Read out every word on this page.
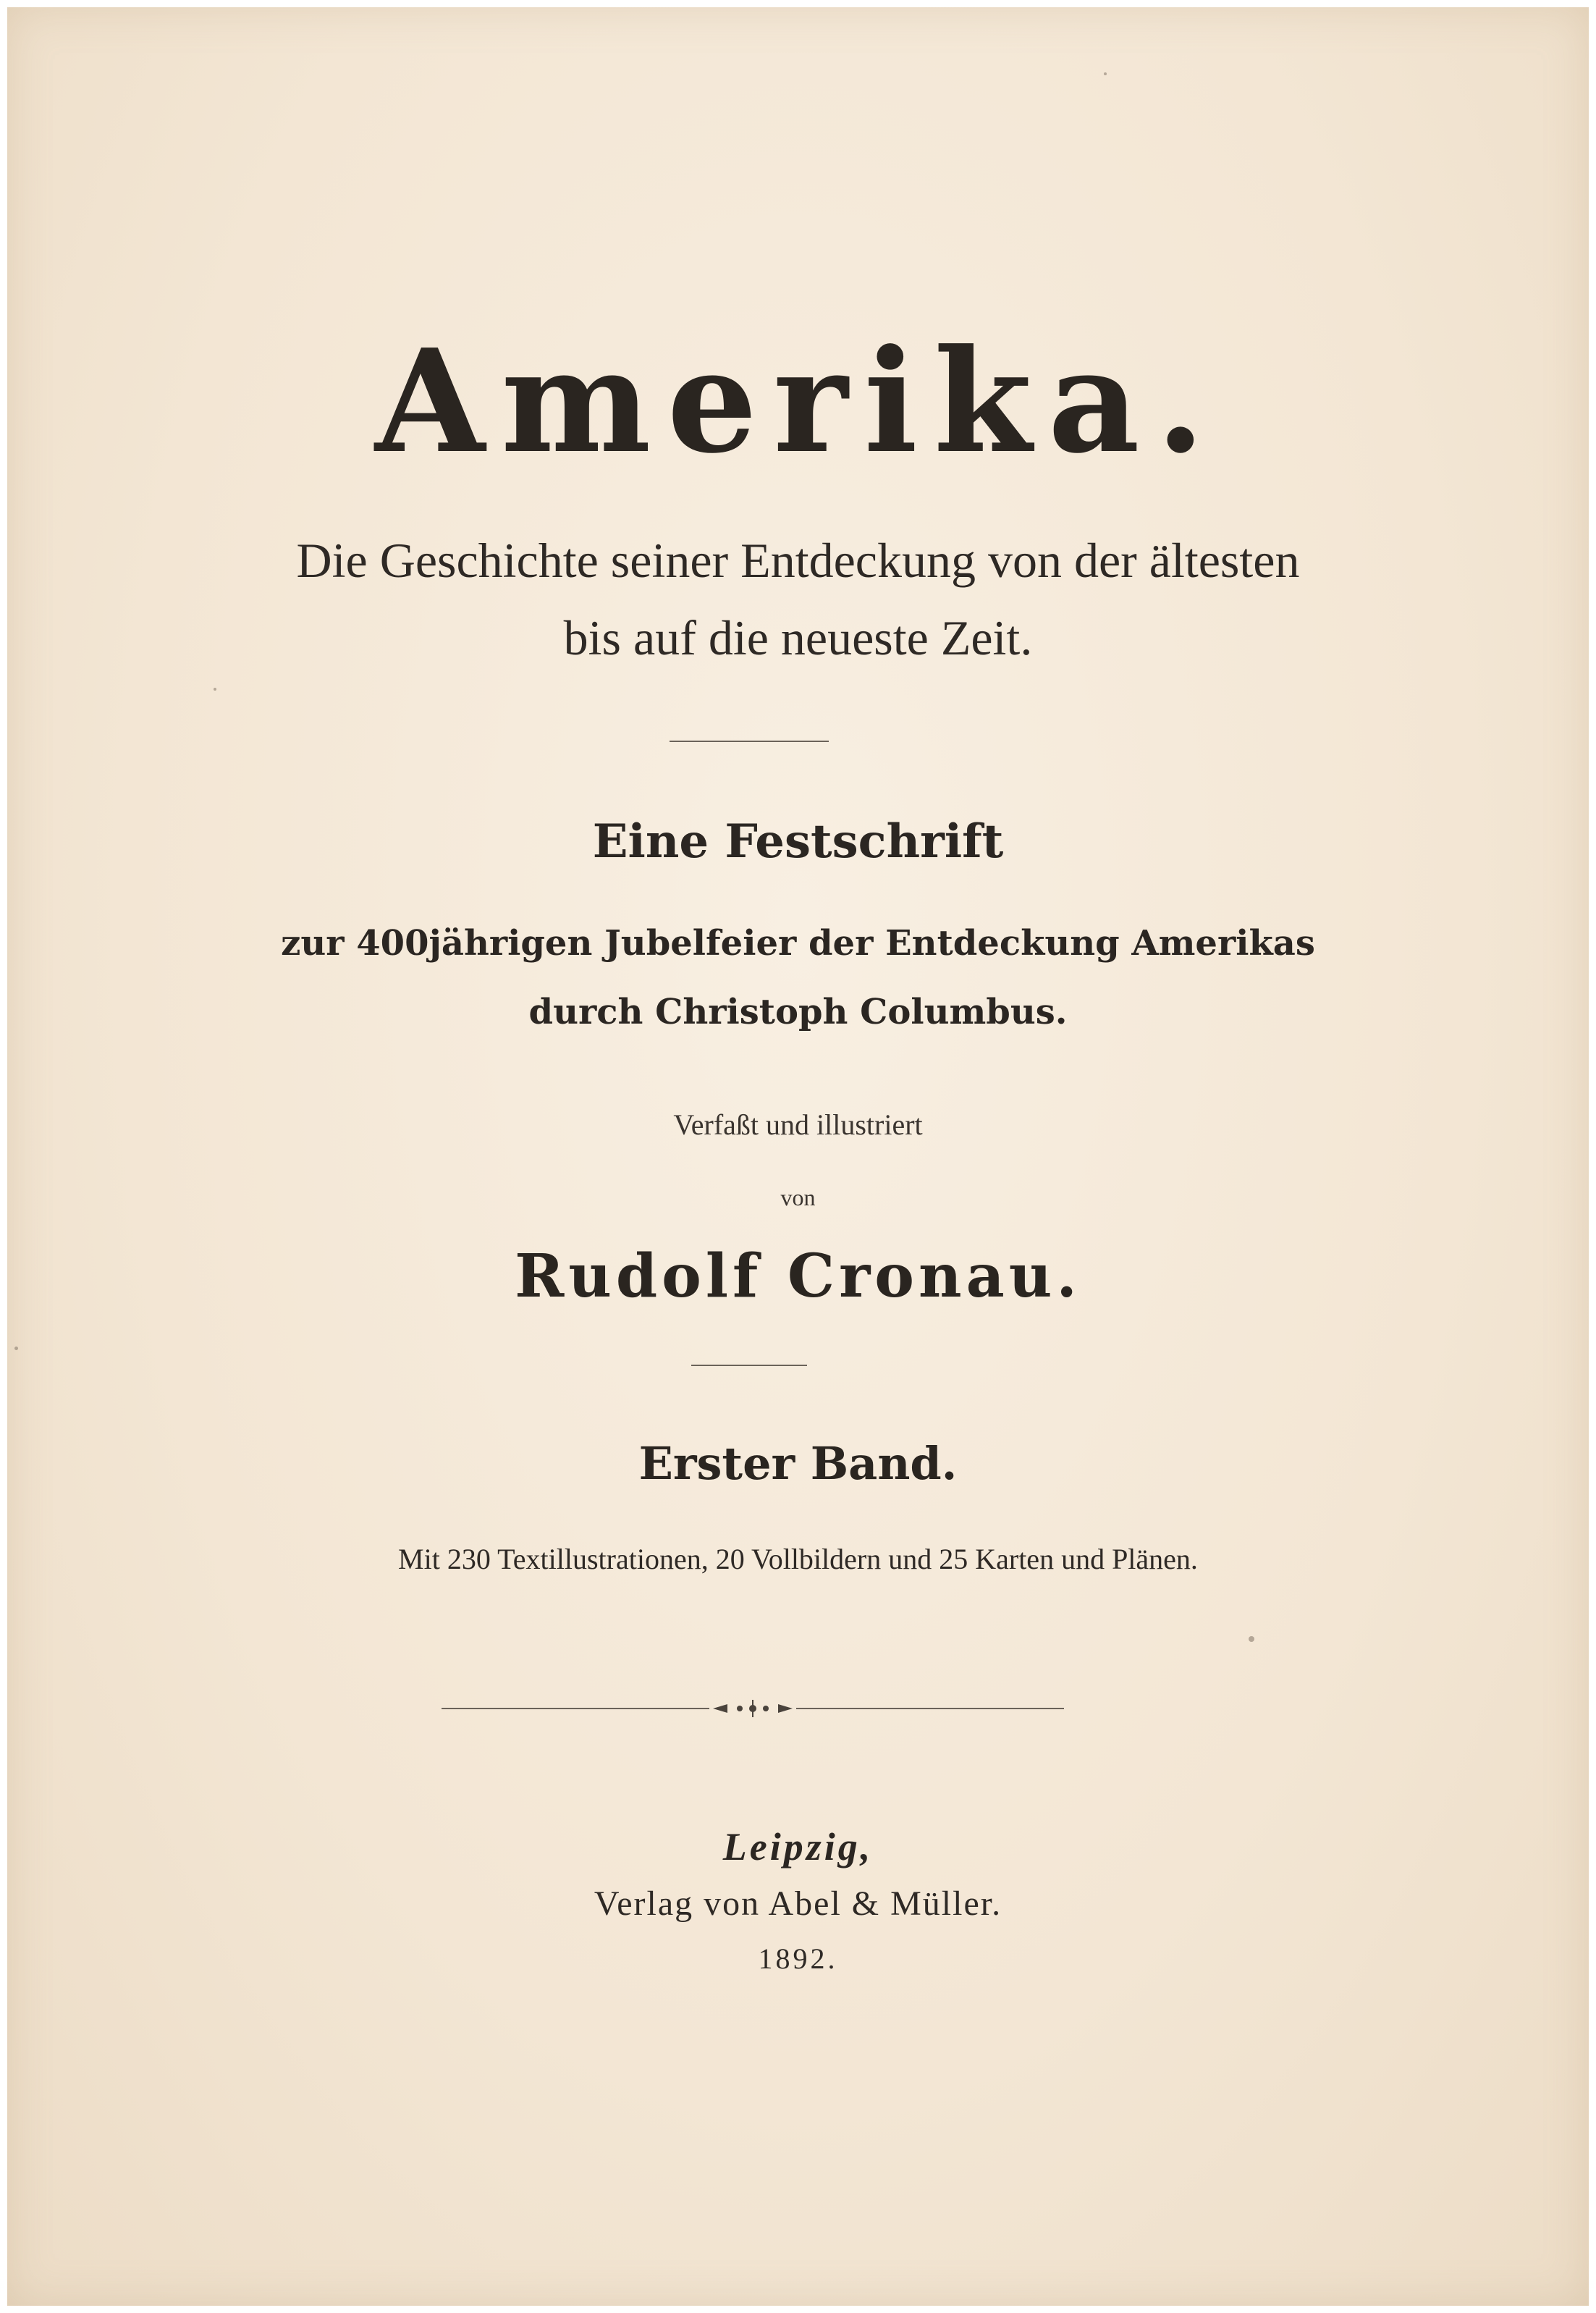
Amerika.
Die Geschichte seiner Entdeckung von der ältesten
bis auf die neueste Zeit.
Eine Festschrift
zur 400jährigen Jubelfeier der Entdeckung Amerikas
durch Christoph Columbus.
Verfaßt und illustriert
von
Rudolf Cronau.
Erster Band.
Mit 230 Textillustrationen, 20 Vollbildern und 25 Karten und Plänen.
Leipzig,
Verlag von Abel & Müller.
1892.
